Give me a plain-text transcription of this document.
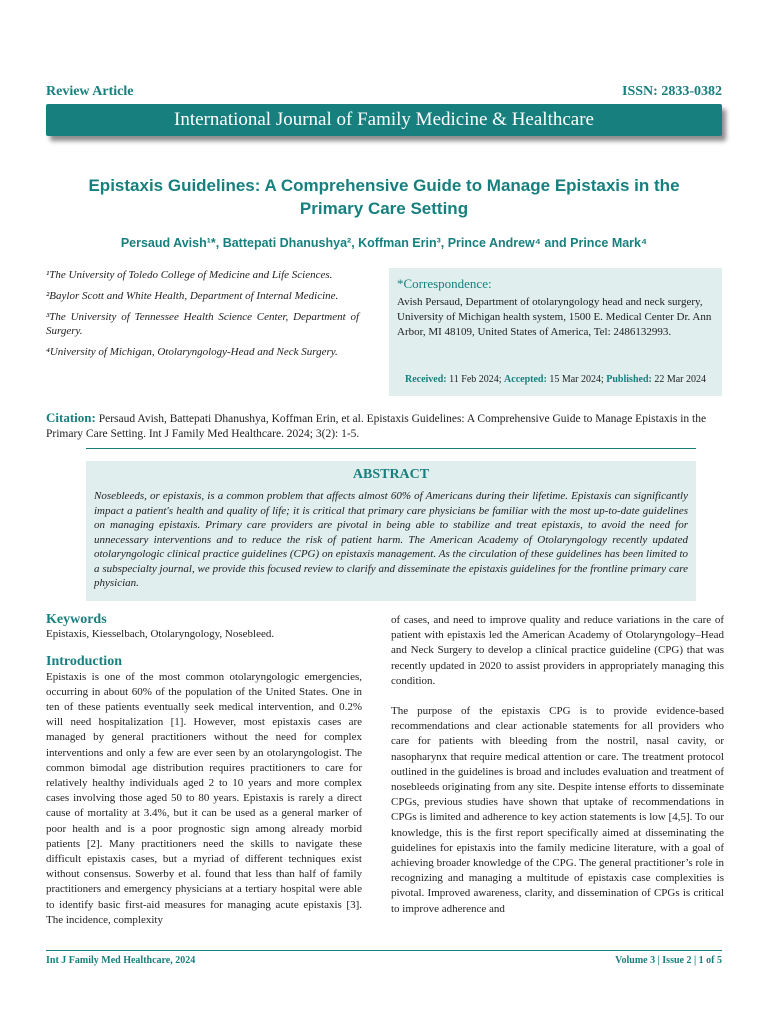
Review Article	ISSN: 2833-0382
International Journal of Family Medicine & Healthcare
Epistaxis Guidelines: A Comprehensive Guide to Manage Epistaxis in the Primary Care Setting
Persaud Avish¹*, Battepati Dhanushya², Koffman Erin³, Prince Andrew⁴ and Prince Mark⁴
¹The University of Toledo College of Medicine and Life Sciences.
²Baylor Scott and White Health, Department of Internal Medicine.
³The University of Tennessee Health Science Center, Department of Surgery.
⁴University of Michigan, Otolaryngology-Head and Neck Surgery.
*Correspondence:
Avish Persaud, Department of otolaryngology head and neck surgery, University of Michigan health system, 1500 E. Medical Center Dr. Ann Arbor, MI 48109, United States of America, Tel: 2486132993.
Received: 11 Feb 2024; Accepted: 15 Mar 2024; Published: 22 Mar 2024
Citation: Persaud Avish, Battepati Dhanushya, Koffman Erin, et al. Epistaxis Guidelines: A Comprehensive Guide to Manage Epistaxis in the Primary Care Setting. Int J Family Med Healthcare. 2024; 3(2): 1-5.
ABSTRACT
Nosebleeds, or epistaxis, is a common problem that affects almost 60% of Americans during their lifetime. Epistaxis can significantly impact a patient's health and quality of life; it is critical that primary care physicians be familiar with the most up-to-date guidelines on managing epistaxis. Primary care providers are pivotal in being able to stabilize and treat epistaxis, to avoid the need for unnecessary interventions and to reduce the risk of patient harm. The American Academy of Otolaryngology recently updated otolaryngologic clinical practice guidelines (CPG) on epistaxis management. As the circulation of these guidelines has been limited to a subspecialty journal, we provide this focused review to clarify and disseminate the epistaxis guidelines for the frontline primary care physician.

Keywords

Epistaxis, Kiesselbach, Otolaryngology, Nosebleed.

Introduction

Epistaxis is one of the most common otolaryngologic emergencies, occurring in about 60% of the population of the United States. One in ten of these patients eventually seek medical intervention, and 0.2% will need hospitalization [1]. However, most epistaxis cases are managed by general practitioners without the need for complex interventions and only a few are ever seen by an otolaryngologist. The common bimodal age distribution requires practitioners to care for relatively healthy individuals aged 2 to 10 years and more complex cases involving those aged 50 to 80 years. Epistaxis is rarely a direct cause of mortality at 3.4%, but it can be used as a general marker of poor health and is a poor prognostic sign among already morbid patients [2]. Many practitioners need the skills to navigate these difficult epistaxis cases, but a myriad of different techniques exist without consensus. Sowerby et al. found that less than half of family practitioners and emergency physicians at a tertiary hospital were able to identify basic first-aid measures for managing acute epistaxis [3]. The incidence, complexity

of cases, and need to improve quality and reduce variations in the care of patient with epistaxis led the American Academy of Otolaryngology–Head and Neck Surgery to develop a clinical practice guideline (CPG) that was recently updated in 2020 to assist providers in appropriately managing this condition.

The purpose of the epistaxis CPG is to provide evidence-based recommendations and clear actionable statements for all providers who care for patients with bleeding from the nostril, nasal cavity, or nasopharynx that require medical attention or care. The treatment protocol outlined in the guidelines is broad and includes evaluation and treatment of nosebleeds originating from any site. Despite intense efforts to disseminate CPGs, previous studies have shown that uptake of recommendations in CPGs is limited and adherence to key action statements is low [4,5]. To our knowledge, this is the first report specifically aimed at disseminating the guidelines for epistaxis into the family medicine literature, with a goal of achieving broader knowledge of the CPG. The general practitioner’s role in recognizing and managing a multitude of epistaxis case complexities is pivotal. Improved awareness, clarity, and dissemination of CPGs is critical to improve adherence and

Int J Family Med Healthcare, 2024	Volume 3 | Issue 2 | 1 of 5
